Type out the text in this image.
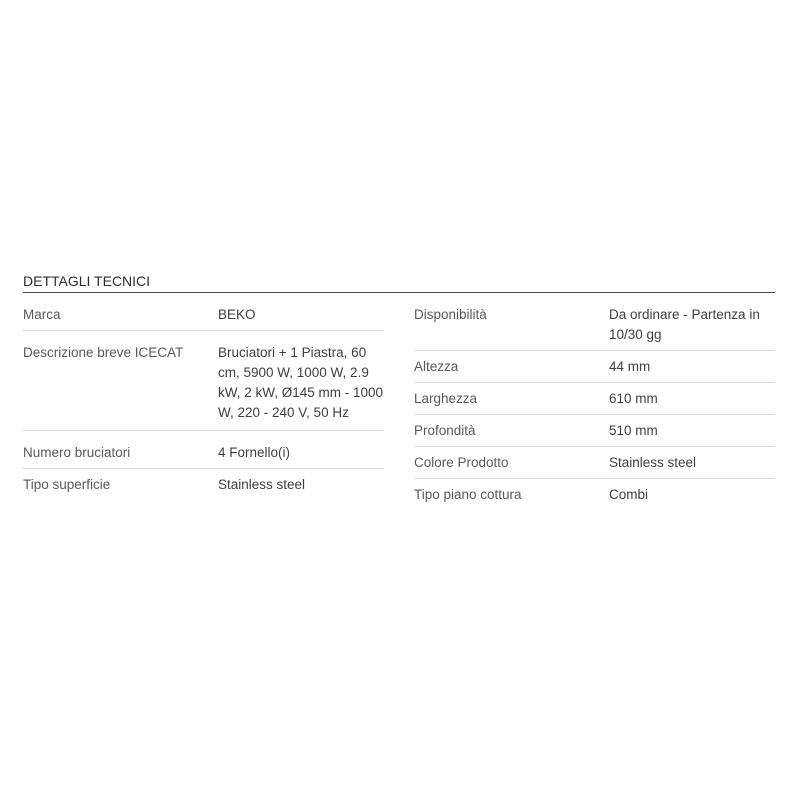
DETTAGLI TECNICI
Marca	BEKO
Descrizione breve ICECAT	Bruciatori + 1 Piastra, 60 cm, 5900 W, 1000 W, 2.9 kW, 2 kW, Ø145 mm - 1000 W, 220 - 240 V, 50 Hz
Numero bruciatori	4 Fornello(i)
Tipo superficie	Stainless steel
Disponibilità	Da ordinare - Partenza in 10/30 gg
Altezza	44 mm
Larghezza	610 mm
Profondità	510 mm
Colore Prodotto	Stainless steel
Tipo piano cottura	Combi
